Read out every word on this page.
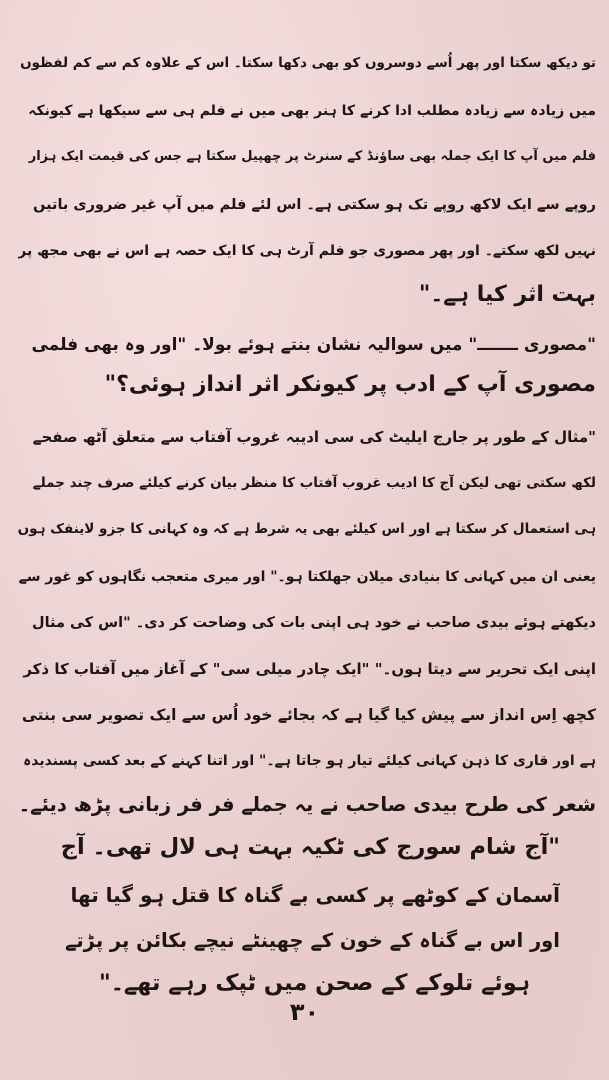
تو دیکھ سکتا اور پھر اُسے دوسروں کو بھی دکھا سکتا۔ اس کے علاوہ کم سے کم لفظوں
میں زیادہ سے زیادہ مطلب ادا کرنے کا ہنر بھی میں نے فلم ہی سے سیکھا ہے کیونکہ
فلم میں آپ کا ایک جملہ بھی ساؤنڈ کے سنرٹ پر چھپیل سکتا ہے جس کی قیمت ایک ہزار
روپے سے ایک لاکھ روپے تک ہو سکتی ہے۔ اس لئے فلم میں آپ غیر ضروری باتیں
نہیں لکھ سکتے۔ اور پھر مصوری جو فلم آرٹ ہی کا ایک حصہ ہے اس نے بھی مجھ پر
بہت اثر کیا ہے۔"
"مصوری ـــــــ" میں سوالیہ نشان بنتے ہوئے بولا۔ "اور وہ بھی فلمی
مصوری آپ کے ادب پر کیونکر اثر انداز ہوئی؟"
"مثال کے طور پر جارج ایلیٹ کی سی ادیبہ غروب آفتاب سے متعلق آٹھ صفحے
لکھ سکتی تھی لیکن آج کا ادیب غروب آفتاب کا منظر بیان کرنے کیلئے صرف چند جملے
ہی استعمال کر سکتا ہے اور اس کیلئے بھی یہ شرط ہے کہ وہ کہانی کا جزو لاینفک ہوں
یعنی ان میں کہانی کا بنیادی میلان جھلکتا ہو۔" اور میری متعجب نگاہوں کو غور سے
دیکھتے ہوئے بیدی صاحب نے خود ہی اپنی بات کی وضاحت کر دی۔ "اس کی مثال
اپنی ایک تحریر سے دیتا ہوں۔" "ایک چادر میلی سی" کے آغاز میں آفتاب کا ذکر
کچھ اِس انداز سے پیش کیا گیا ہے کہ بجائے خود اُس سے ایک تصویر سی بنتی
ہے اور قاری کا ذہن کہانی کیلئے تیار ہو جاتا ہے۔" اور اتنا کہنے کے بعد کسی پسندیدہ
شعر کی طرح بیدی صاحب نے یہ جملے فر فر زبانی پڑھ دیئے۔
"آج شام سورج کی ٹکیہ بہت ہی لال تھی۔ آج
آسمان کے کوٹھے پر کسی بے گناہ کا قتل ہو گیا تھا
اور اس بے گناہ کے خون کے چھینٹے نیچے بکائن پر پڑتے
ہوئے تلوکے کے صحن میں ٹپک رہے تھے۔"
۳۰
